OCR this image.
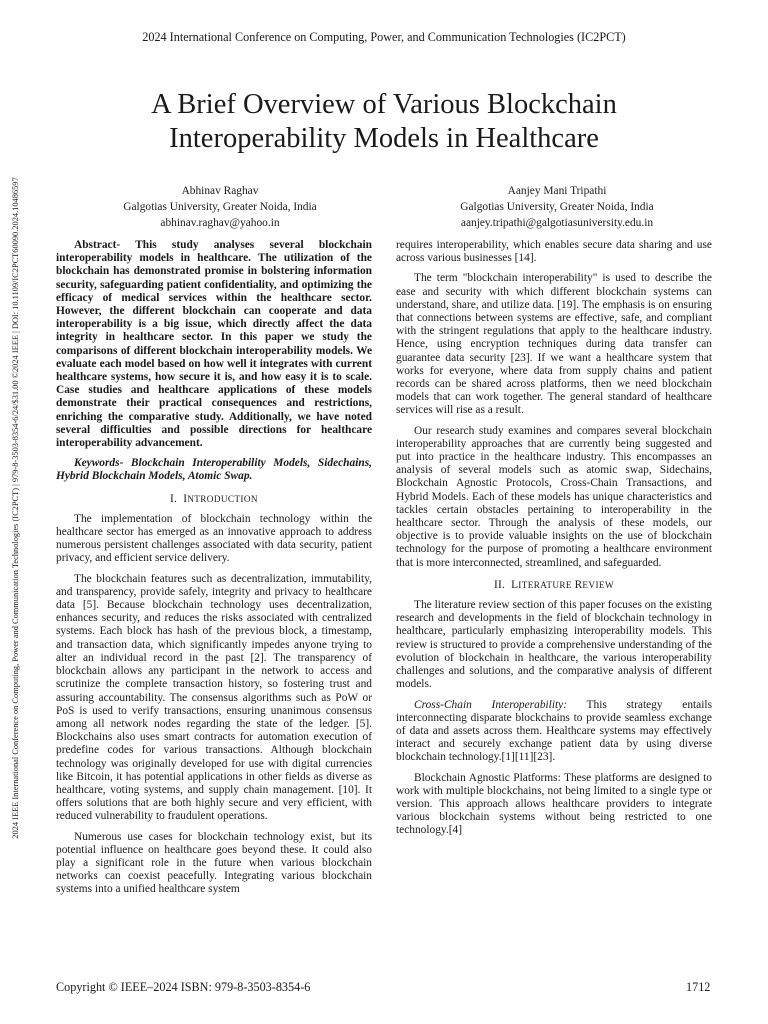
2024 International Conference on Computing, Power, and Communication Technologies (IC2PCT)
2024 IEEE International Conference on Computing, Power and Communication Technologies (IC2PCT) | 979-8-3503-8354-6/24/$31.00 ©2024 IEEE | DOI: 10.1109/IC2PCT60090.2024.10486597
A Brief Overview of Various Blockchain
Interoperability Models in Healthcare
Abhinav Raghav
Galgotias University, Greater Noida, India
abhinav.raghav@yahoo.in
Aanjey Mani Tripathi
Galgotias University, Greater Noida, India
aanjey.tripathi@galgotiasuniversity.edu.in

Abstract- This study analyses several blockchain interoperability models in healthcare. The utilization of the blockchain has demonstrated promise in bolstering information security, safeguarding patient confidentiality, and optimizing the efficacy of medical services within the healthcare sector. However, the different blockchain can cooperate and data interoperability is a big issue, which directly affect the data integrity in healthcare sector. In this paper we study the comparisons of different blockchain interoperability models. We evaluate each model based on how well it integrates with current healthcare systems, how secure it is, and how easy it is to scale. Case studies and healthcare applications of these models demonstrate their practical consequences and restrictions, enriching the comparative study. Additionally, we have noted several difficulties and possible directions for healthcare interoperability advancement.

Keywords- Blockchain Interoperability Models, Sidechains, Hybrid Blockchain Models, Atomic Swap.

I. INTRODUCTION

The implementation of blockchain technology within the healthcare sector has emerged as an innovative approach to address numerous persistent challenges associated with data security, patient privacy, and efficient service delivery.

The blockchain features such as decentralization, immutability, and transparency, provide safely, integrity and privacy to healthcare data [5]. Because blockchain technology uses decentralization, enhances security, and reduces the risks associated with centralized systems. Each block has hash of the previous block, a timestamp, and transaction data, which significantly impedes anyone trying to alter an individual record in the past [2]. The transparency of blockchain allows any participant in the network to access and scrutinize the complete transaction history, so fostering trust and assuring accountability. The consensus algorithms such as PoW or PoS is used to verify transactions, ensuring unanimous consensus among all network nodes regarding the state of the ledger. [5]. Blockchains also uses smart contracts for automation execution of predefine codes for various transactions. Although blockchain technology was originally developed for use with digital currencies like Bitcoin, it has potential applications in other fields as diverse as healthcare, voting systems, and supply chain management. [10]. It offers solutions that are both highly secure and very efficient, with reduced vulnerability to fraudulent operations.

Numerous use cases for blockchain technology exist, but its potential influence on healthcare goes beyond these. It could also play a significant role in the future when various blockchain networks can coexist peacefully. Integrating various blockchain systems into a unified healthcare system

requires interoperability, which enables secure data sharing and use across various businesses [14].

The term "blockchain interoperability" is used to describe the ease and security with which different blockchain systems can understand, share, and utilize data. [19]. The emphasis is on ensuring that connections between systems are effective, safe, and compliant with the stringent regulations that apply to the healthcare industry. Hence, using encryption techniques during data transfer can guarantee data security [23]. If we want a healthcare system that works for everyone, where data from supply chains and patient records can be shared across platforms, then we need blockchain models that can work together. The general standard of healthcare services will rise as a result.

Our research study examines and compares several blockchain interoperability approaches that are currently being suggested and put into practice in the healthcare industry. This encompasses an analysis of several models such as atomic swap, Sidechains, Blockchain Agnostic Protocols, Cross-Chain Transactions, and Hybrid Models. Each of these models has unique characteristics and tackles certain obstacles pertaining to interoperability in the healthcare sector. Through the analysis of these models, our objective is to provide valuable insights on the use of blockchain technology for the purpose of promoting a healthcare environment that is more interconnected, streamlined, and safeguarded.

II. LITERATURE REVIEW

The literature review section of this paper focuses on the existing research and developments in the field of blockchain technology in healthcare, particularly emphasizing interoperability models. This review is structured to provide a comprehensive understanding of the evolution of blockchain in healthcare, the various interoperability challenges and solutions, and the comparative analysis of different models.

Cross-Chain Interoperability: This strategy entails interconnecting disparate blockchains to provide seamless exchange of data and assets across them. Healthcare systems may effectively interact and securely exchange patient data by using diverse blockchain technology.[1][11][23].

Blockchain Agnostic Platforms: These platforms are designed to work with multiple blockchains, not being limited to a single type or version. This approach allows healthcare providers to integrate various blockchain systems without being restricted to one technology.[4]

Copyright © IEEE–2024 ISBN: 979-8-3503-8354-6	1712
